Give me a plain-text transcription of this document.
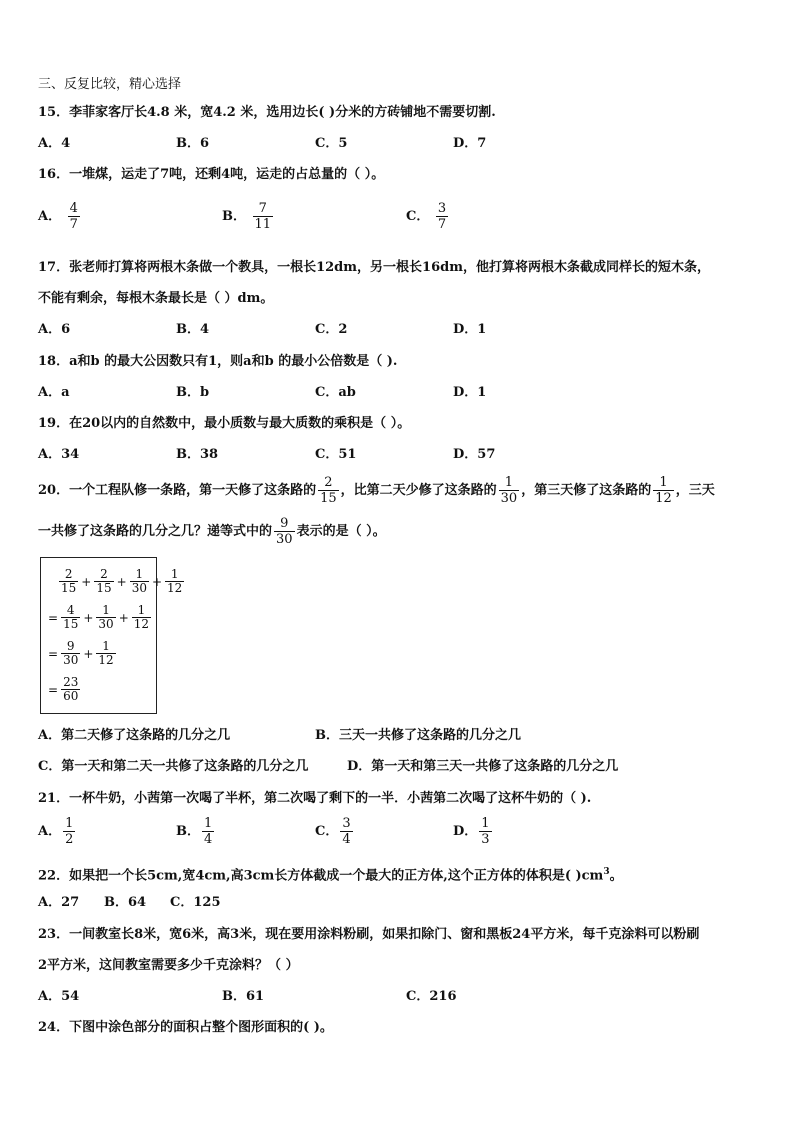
三、反复比较，精心选择
15．李菲家客厅长4.8 米，宽4.2 米，选用边长( )分米的方砖铺地不需要切割.
A．4	B．6	C．5	D．7
16．一堆煤，运走了7吨，还剩4吨，运走的占总量的（ ）。
A． $\frac{4}{7}$	B． $\frac{7}{11}$	C． $\frac{3}{7}$
17．张老师打算将两根木条做一个教具，一根长12dm，另一根长16dm，他打算将两根木条截成同样长的短木条，
不能有剩余，每根木条最长是（ ）dm。
A．6	B．4	C．2	D．1
18．a和b 的最大公因数只有1，则a和b 的最小公倍数是（ ).
A．a	B．b	C．ab	D．1
19．在20以内的自然数中，最小质数与最大质数的乘积是（ ）。
A．34	B．38	C．51	D．57
20．一个工程队修一条路，第一天修了这条路的 $\frac{2}{15}$ ，比第二天少修了这条路的 $\frac{1}{30}$ ，第三天修了这条路的 $\frac{1}{12}$ ，三天
一共修了这条路的几分之几？递等式中的 $\frac{9}{30}$ 表示的是（ ）。
$\frac{2}{15} + \frac{2}{15} + \frac{1}{30} + \frac{1}{12}$
= $\frac{4}{15} + \frac{1}{30} + \frac{1}{12}$
= $\frac{9}{30} + \frac{1}{12}$
= $\frac{23}{60}$
A．第二天修了这条路的几分之几	B．三天一共修了这条路的几分之几
C．第一天和第二天一共修了这条路的几分之几	D．第一天和第三天一共修了这条路的几分之几
21．一杯牛奶，小茜第一次喝了半杯，第二次喝了剩下的一半．小茜第二次喝了这杯牛奶的（ ).
A． $\frac{1}{2}$	B． $\frac{1}{4}$	C． $\frac{3}{4}$	D． $\frac{1}{3}$
22．如果把一个长5cm,宽4cm,高3cm长方体截成一个最大的正方体,这个正方体的体积是( )$cm^3$。
A．27 B．64 C．125
23．一间教室长8米，宽6米，高3米，现在要用涂料粉刷，如果扣除门、窗和黑板24平方米，每千克涂料可以粉刷
2平方米，这间教室需要多少千克涂料？（ ）
A．54	B．61	C．216
24．下图中涂色部分的面积占整个图形面积的( )。
